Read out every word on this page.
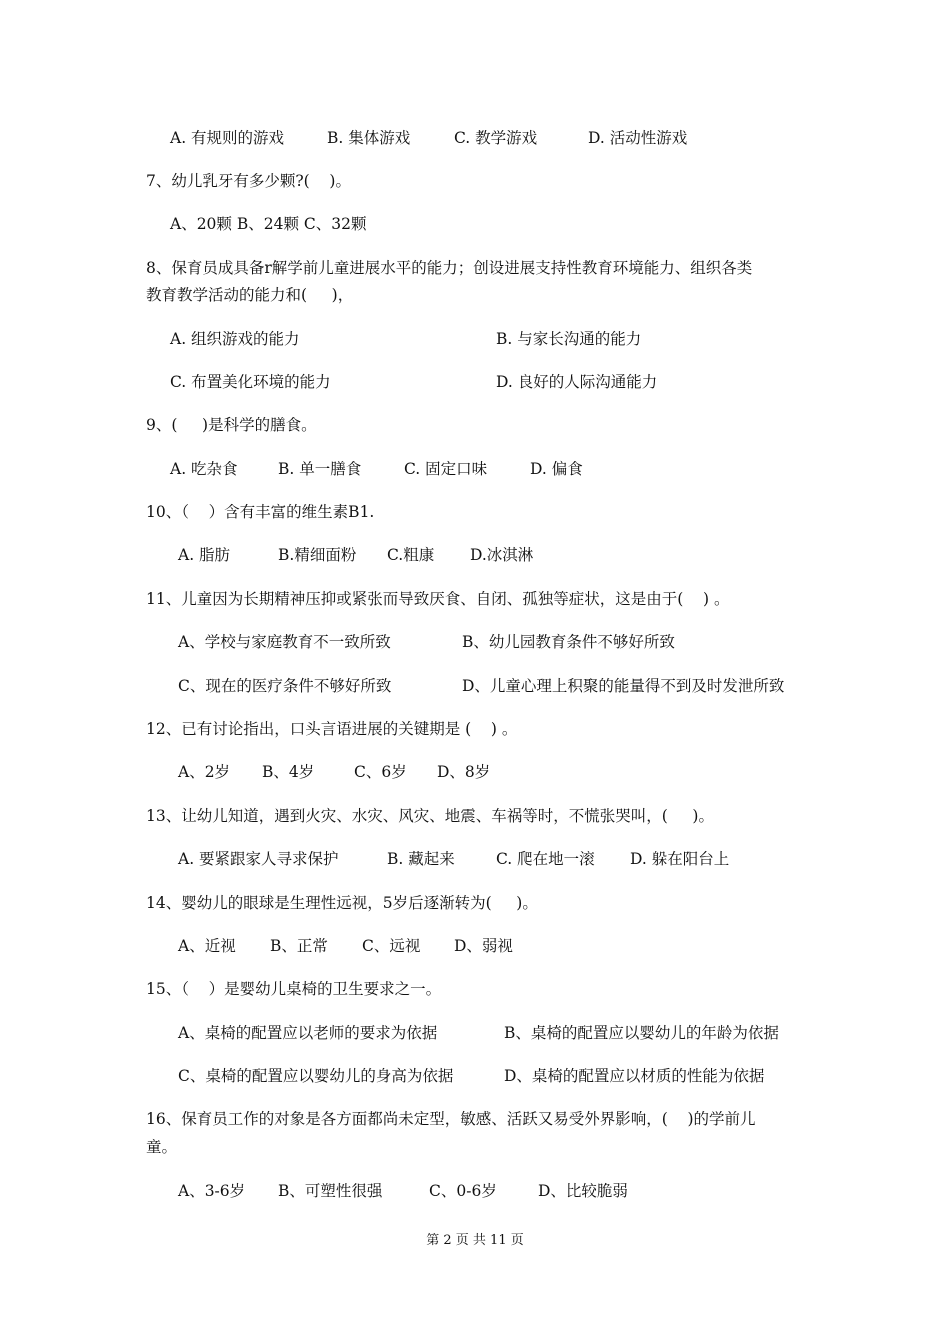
A. 有规则的游戏	B. 集体游戏	C. 教学游戏	D. 活动性游戏
7、幼儿乳牙有多少颗?(    )。
A、20颗 B、24颗 C、32颗
8、保育员成具备r解学前儿童进展水平的能力；创设进展支持性教育环境能力、组织各类
教育教学活动的能力和(     )，
A. 组织游戏的能力	B. 与家长沟通的能力
C. 布置美化环境的能力	D. 良好的人际沟通能力
9、(     )是科学的膳食。
A. 吃杂食	B. 单一膳食	C. 固定口味	D. 偏食
10、（    ）含有丰富的维生素B1.
A. 脂肪	B.精细面粉 C.粗康 D.冰淇淋
11、儿童因为长期精神压抑或紧张而导致厌食、自闭、孤独等症状，这是由于(    ) 。
A、学校与家庭教育不一致所致	B、幼儿园教育条件不够好所致
C、现在的医疗条件不够好所致	D、儿童心理上积聚的能量得不到及时发泄所致
12、已有讨论指出，口头言语进展的关键期是 (    ) 。
A、2岁 B、4岁	C、6岁 D、8岁
13、让幼儿知道，遇到火灾、水灾、风灾、地震、车祸等时，不慌张哭叫，(     )。
A. 要紧跟家人寻求保护	B. 藏起来	C. 爬在地一滚 D. 躲在阳台上
14、婴幼儿的眼球是生理性远视，5岁后逐渐转为(     )。
A、近视 B、正常 C、远视 D、弱视
15、（    ）是婴幼儿桌椅的卫生要求之一。
A、桌椅的配置应以老师的要求为依据	B、桌椅的配置应以婴幼儿的年龄为依据
C、桌椅的配置应以婴幼儿的身高为依据	D、桌椅的配置应以材质的性能为依据
16、保育员工作的对象是各方面都尚未定型，敏感、活跃又易受外界影响，(    )的学前儿
童。
A、3-6岁 B、可塑性很强	C、0-6岁	D、比较脆弱
第 2 页 共 11 页
